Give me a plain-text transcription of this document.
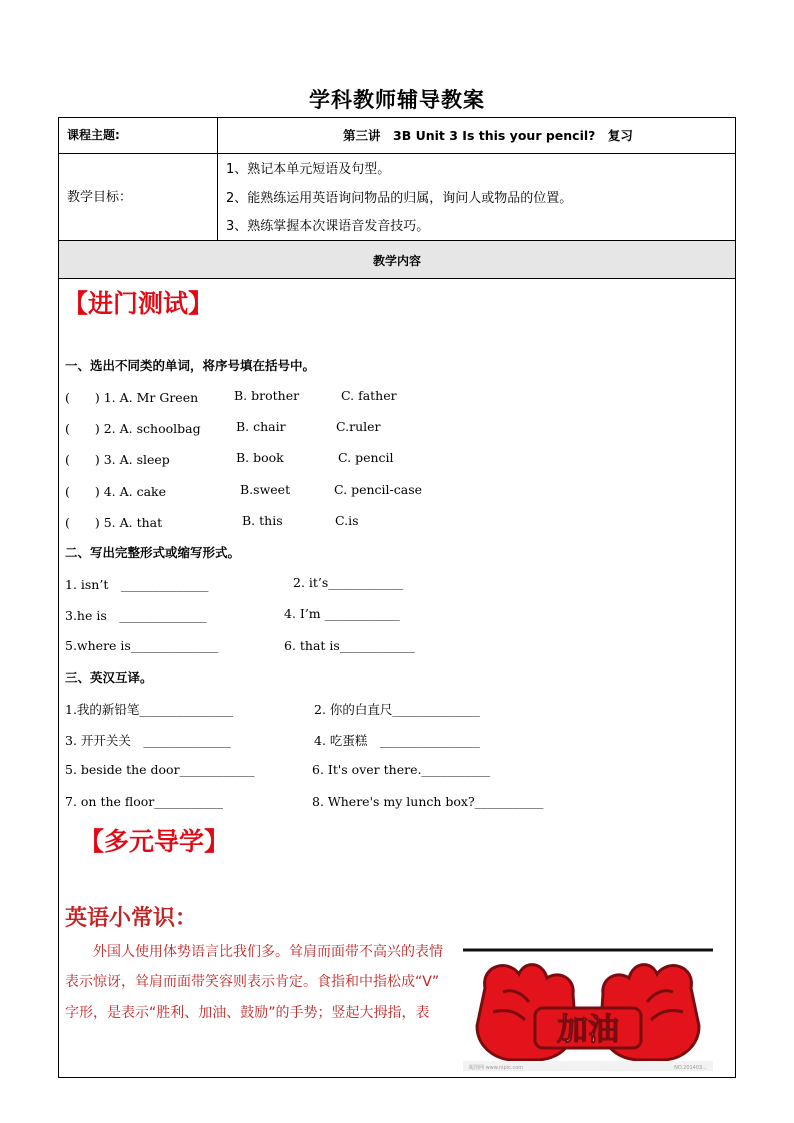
学科教师辅导教案
课程主题:	第三讲　3B Unit 3 Is this your pencil?　复习
教学目标：
1、熟记本单元短语及句型。
2、能熟练运用英语询问物品的归属，询问人或物品的位置。
3、熟练掌握本次课语音发音技巧。
教学内容
【进门测试】
一、选出不同类的单词，将序号填在括号中。
(　　) 1. A. Mr Green	B. brother	C. father
(　　) 2. A. schoolbag	B. chair	C.ruler
(　　) 3. A. sleep	B. book	C. pencil
(　　) 4. A. cake	B.sweet	C. pencil-case
(　　) 5. A. that	B. this	C.is
二、写出完整形式或缩写形式。
1. isn’t　______________	2. it’s____________
3.he is　______________	4. I’m ____________
5.where is______________	6. that is____________
三、英汉互译。
1.我的新铅笔_______________	2. 你的白直尺______________
3. 开开关关　______________	4. 吃蛋糕　________________
5. beside the door____________	6. It's over there.___________
7. on the floor___________	8. Where's my lunch box?___________
【多元导学】
英语小常识：
外国人使用体势语言比我们多。耸肩而面带不高兴的表情
表示惊讶，耸肩而面带笑容则表示肯定。食指和中指松成“V”
字形，是表示“胜利、加油、鼓励”的手势；竖起大拇指，表	加油
昵图网 www.nipic.com	NO.201403...
